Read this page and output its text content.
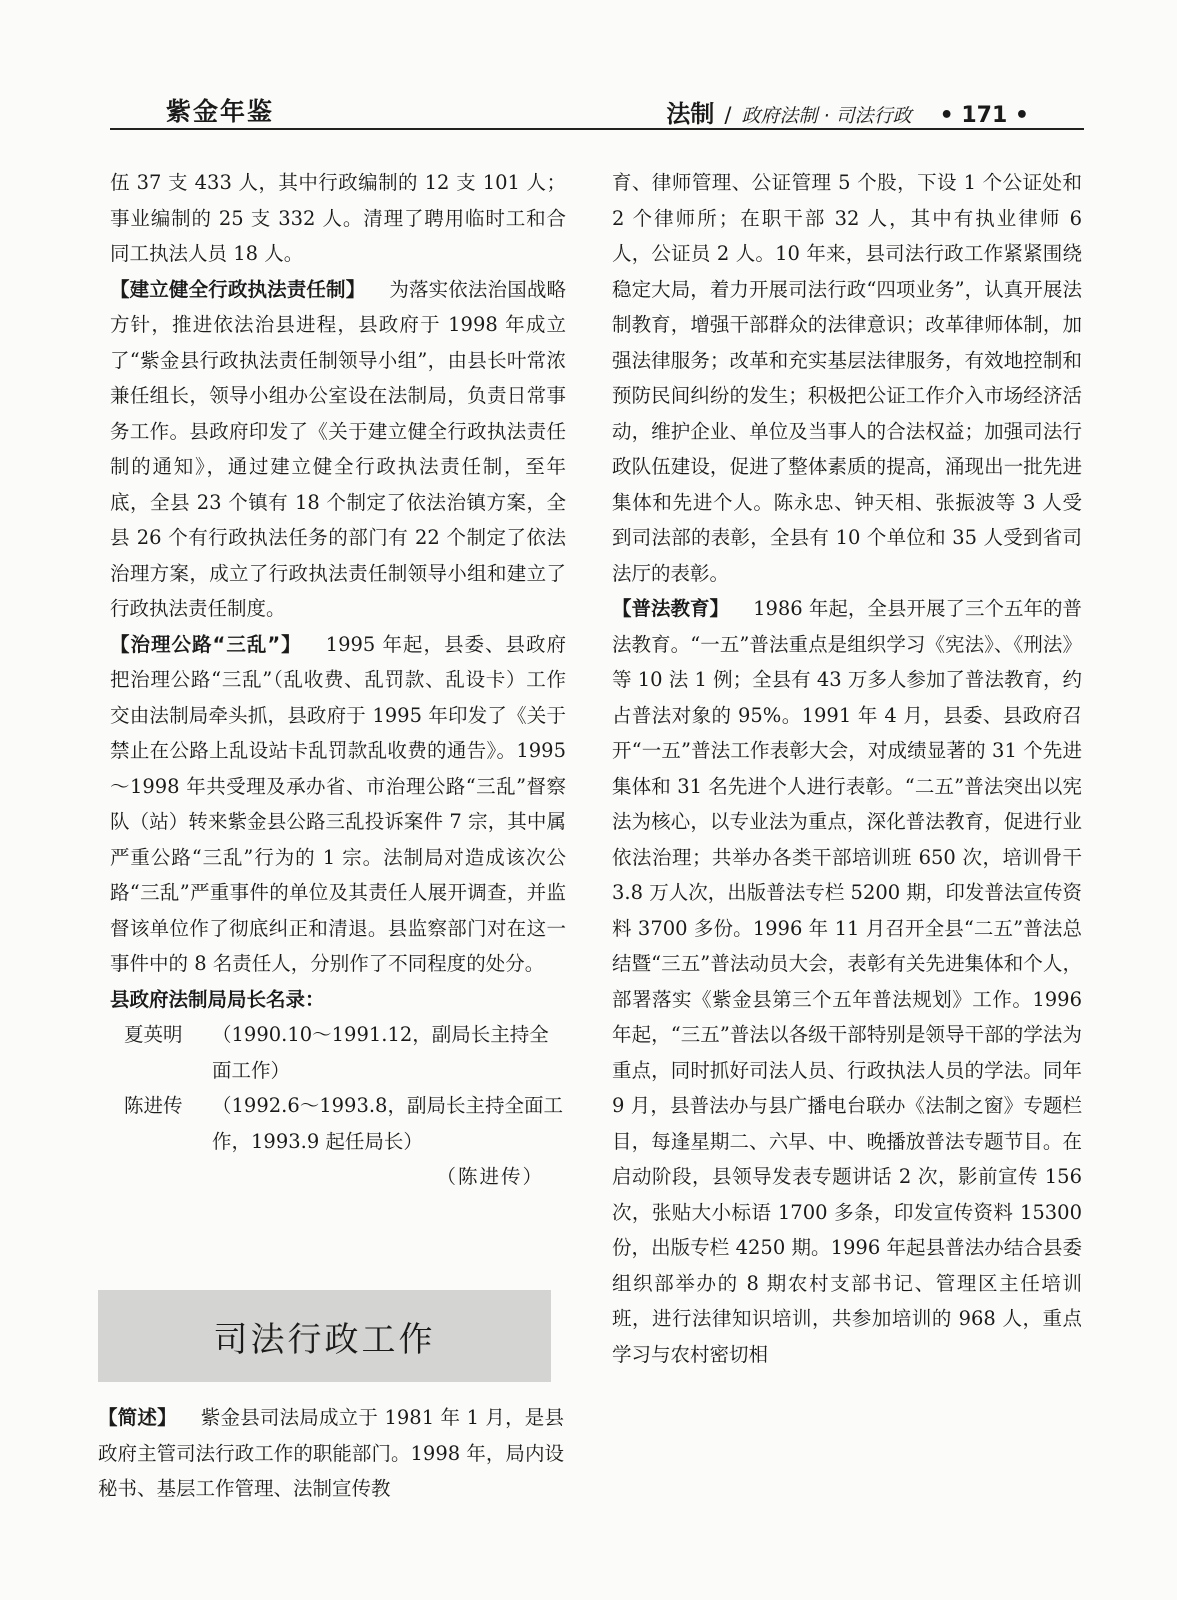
紫金年鉴	法制 / 政府法制 · 司法行政 • 171 •

伍 37 支 433 人，其中行政编制的 12 支 101 人；事业编制的 25 支 332 人。清理了聘用临时工和合同工执法人员 18 人。

【建立健全行政执法责任制】 为落实依法治国战略方针，推进依法治县进程，县政府于 1998 年成立了“紫金县行政执法责任制领导小组”，由县长叶常浓兼任组长，领导小组办公室设在法制局，负责日常事务工作。县政府印发了《关于建立健全行政执法责任制的通知》，通过建立健全行政执法责任制，至年底，全县 23 个镇有 18 个制定了依法治镇方案，全县 26 个有行政执法任务的部门有 22 个制定了依法治理方案，成立了行政执法责任制领导小组和建立了行政执法责任制度。

【治理公路“三乱”】 1995 年起，县委、县政府把治理公路“三乱”（乱收费、乱罚款、乱设卡）工作交由法制局牵头抓，县政府于 1995 年印发了《关于禁止在公路上乱设站卡乱罚款乱收费的通告》。1995～1998 年共受理及承办省、市治理公路“三乱”督察队（站）转来紫金县公路三乱投诉案件 7 宗，其中属严重公路“三乱”行为的 1 宗。法制局对造成该次公路“三乱”严重事件的单位及其责任人展开调查，并监督该单位作了彻底纠正和清退。县监察部门对在这一事件中的 8 名责任人，分别作了不同程度的处分。

县政府法制局局长名录：

夏英明	（1990.10～1991.12，副局长主持全面工作）
陈进传	（1992.6～1993.8，副局长主持全面工作，1993.9 起任局长）
（陈进传）
司法行政工作

【简述】 紫金县司法局成立于 1981 年 1 月，是县政府主管司法行政工作的职能部门。1998 年，局内设秘书、基层工作管理、法制宣传教

育、律师管理、公证管理 5 个股，下设 1 个公证处和 2 个律师所；在职干部 32 人，其中有执业律师 6 人，公证员 2 人。10 年来，县司法行政工作紧紧围绕稳定大局，着力开展司法行政“四项业务”，认真开展法制教育，增强干部群众的法律意识；改革律师体制，加强法律服务；改革和充实基层法律服务，有效地控制和预防民间纠纷的发生；积极把公证工作介入市场经济活动，维护企业、单位及当事人的合法权益；加强司法行政队伍建设，促进了整体素质的提高，涌现出一批先进集体和先进个人。陈永忠、钟天相、张振波等 3 人受到司法部的表彰，全县有 10 个单位和 35 人受到省司法厅的表彰。

【普法教育】 1986 年起，全县开展了三个五年的普法教育。“一五”普法重点是组织学习《宪法》、《刑法》等 10 法 1 例；全县有 43 万多人参加了普法教育，约占普法对象的 95%。1991 年 4 月，县委、县政府召开“一五”普法工作表彰大会，对成绩显著的 31 个先进集体和 31 名先进个人进行表彰。“二五”普法突出以宪法为核心，以专业法为重点，深化普法教育，促进行业依法治理；共举办各类干部培训班 650 次，培训骨干 3.8 万人次，出版普法专栏 5200 期，印发普法宣传资料 3700 多份。1996 年 11 月召开全县“二五”普法总结暨“三五”普法动员大会，表彰有关先进集体和个人，部署落实《紫金县第三个五年普法规划》工作。1996 年起，“三五”普法以各级干部特别是领导干部的学法为重点，同时抓好司法人员、行政执法人员的学法。同年 9 月，县普法办与县广播电台联办《法制之窗》专题栏目，每逢星期二、六早、中、晚播放普法专题节目。在启动阶段，县领导发表专题讲话 2 次，影前宣传 156 次，张贴大小标语 1700 多条，印发宣传资料 15300 份，出版专栏 4250 期。1996 年起县普法办结合县委组织部举办的 8 期农村支部书记、管理区主任培训班，进行法律知识培训，共参加培训的 968 人，重点学习与农村密切相
